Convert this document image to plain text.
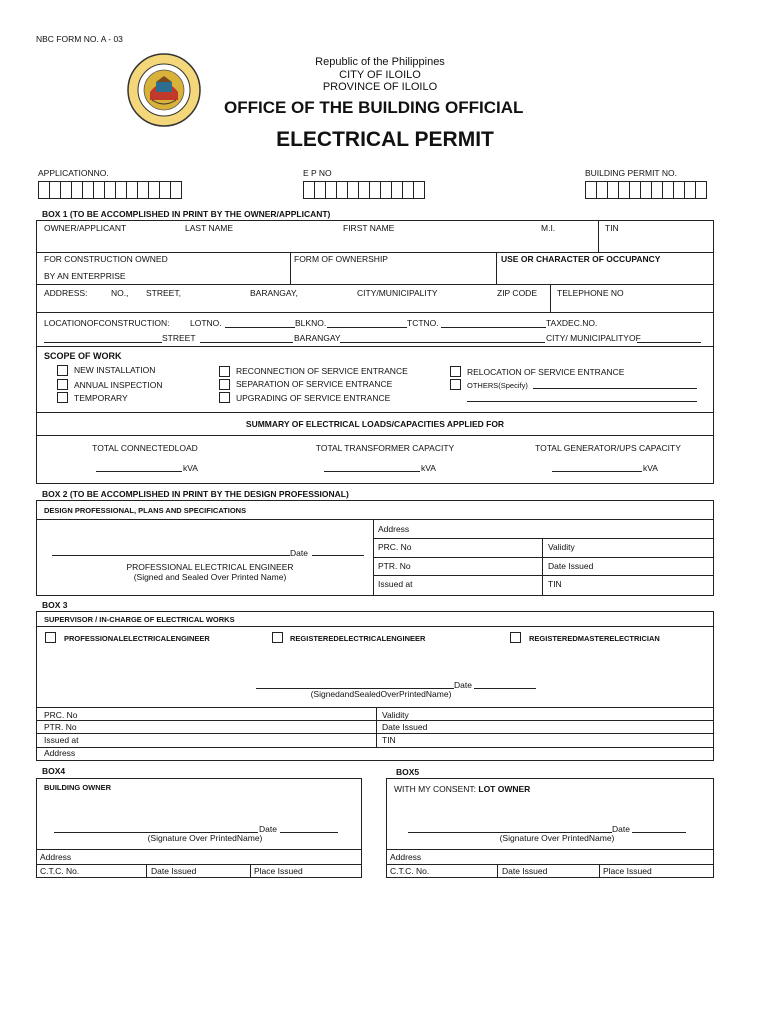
NBC FORM NO. A - 03
Republic of the Philippines
CITY OF ILOILO
PROVINCE OF ILOILO
OFFICE OF THE BUILDING OFFICIAL
ELECTRICAL PERMIT
APPLICATIONNO.	E P NO	BUILDING PERMIT NO.
BOX 1 (TO BE ACCOMPLISHED IN PRINT BY THE OWNER/APPLICANT)
OWNER/APPLICANT	LAST NAME	FIRST NAME	M.I.	TIN
FOR CONSTRUCTION OWNED	FORM OF OWNERSHIP	USE OR CHARACTER OF OCCUPANCY
BY AN ENTERPRISE
ADDRESS:	NO., STREET,	BARANGAY,	CITY/MUNICIPALITY	ZIP CODE TELEPHONE NO
LOCATIONOFCONSTRUCTION: LOTNO.	BLKNO.	TCTNO.	TAXDEC.NO.
STREET	BARANGAY	CITY/ MUNICIPALITYOF
SCOPE OF WORK
NEW INSTALLATION
ANNUAL INSPECTION
TEMPORARY
RECONNECTION OF SERVICE ENTRANCE
SEPARATION OF SERVICE ENTRANCE
UPGRADING OF SERVICE ENTRANCE
RELOCATION OF SERVICE ENTRANCE
OTHERS(Specify)
SUMMARY OF ELECTRICAL LOADS/CAPACITIES APPLIED FOR
TOTAL CONNECTEDLOAD	TOTAL TRANSFORMER CAPACITY	TOTAL GENERATOR/UPS CAPACITY
kVA	kVA	kVA
BOX 2 (TO BE ACCOMPLISHED IN PRINT BY THE DESIGN PROFESSIONAL)
DESIGN PROFESSIONAL, PLANS AND SPECIFICATIONS
Date
PROFESSIONAL ELECTRICAL ENGINEER
(Signed and Sealed Over Printed Name)
Address
PRC. No	Validity
PTR. No	Date Issued
Issued at	TIN
BOX 3
SUPERVISOR / IN-CHARGE OF ELECTRICAL WORKS
PROFESSIONALELECTRICALENGINEER	REGISTEREDELECTRICALENGINEER	REGISTEREDMASTERELECTRICIAN
Date
(SignedandSealedOverPrintedName)
PRC. No	Validity
PTR. No	Date Issued
Issued at	TIN
Address
BOX4
BUILDING OWNER
Date
(Signature Over PrintedName)
Address
C.T.C. No.	Date Issued	Place Issued
BOX5
WITH MY CONSENT: LOT OWNER
Date
(Signature Over PrintedName)
Address
C.T.C. No.	Date Issued	Place Issued
